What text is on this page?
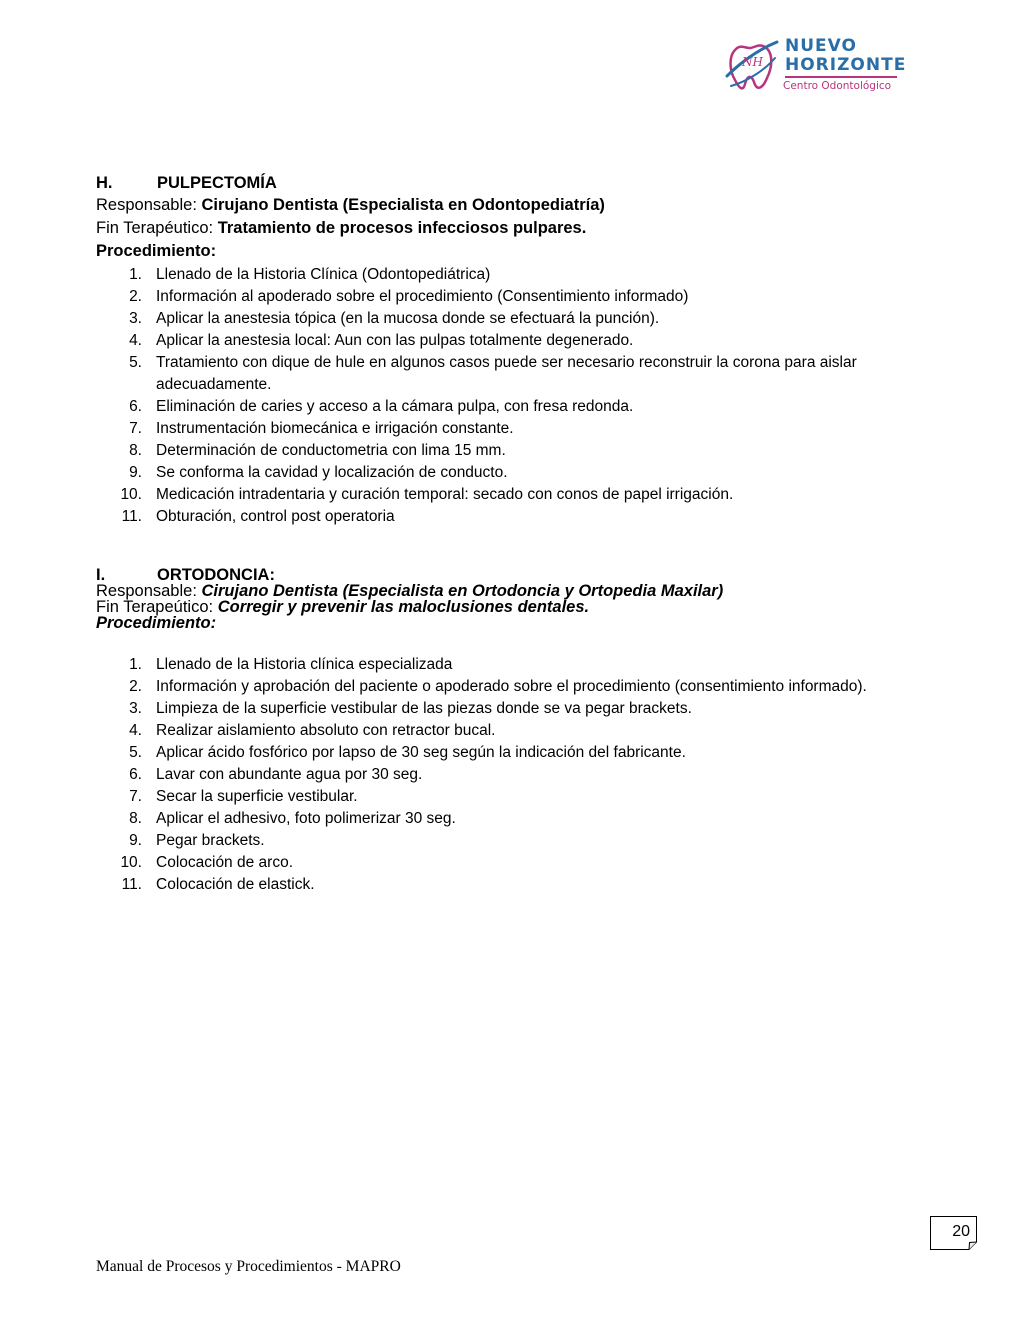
NH
NUEVO
HORIZONTE
Centro Odontológico
H.	PULPECTOMÍA
Responsable: Cirujano Dentista (Especialista en Odontopediatría)
Fin Terapéutico: Tratamiento de procesos infecciosos pulpares.
Procedimiento:
1. Llenado de la Historia Clínica (Odontopediátrica)
2. Información al apoderado sobre el procedimiento (Consentimiento informado)
3. Aplicar la anestesia tópica (en la mucosa donde se efectuará la punción).
4. Aplicar la anestesia local: Aun con las pulpas totalmente degenerado.
5. Tratamiento con dique de hule en algunos casos puede ser necesario reconstruir la corona para aislar adecuadamente.
6. Eliminación de caries y acceso a la cámara pulpa, con fresa redonda.
7. Instrumentación biomecánica e irrigación constante.
8. Determinación de conductometria con lima 15 mm.
9. Se conforma la cavidad y localización de conducto.
10. Medicación intradentaria y curación temporal: secado con conos de papel irrigación.
11. Obturación, control post operatoria
I.	ORTODONCIA:
Responsable: Cirujano Dentista (Especialista en Ortodoncia y Ortopedia Maxilar)
Fin Terapeútico: Corregir y prevenir las maloclusiones dentales.
Procedimiento:
1. Llenado de la Historia clínica especializada
2. Información y aprobación del paciente o apoderado sobre el procedimiento (consentimiento informado).
3. Limpieza de la superficie vestibular de las piezas donde se va pegar brackets.
4. Realizar aislamiento absoluto con retractor bucal.
5. Aplicar ácido fosfórico por lapso de 30 seg según la indicación del fabricante.
6. Lavar con abundante agua por 30 seg.
7. Secar la superficie vestibular.
8. Aplicar el adhesivo, foto polimerizar 30 seg.
9. Pegar brackets.
10. Colocación de arco.
11. Colocación de elastick.
20
Manual de Procesos y Procedimientos - MAPRO
